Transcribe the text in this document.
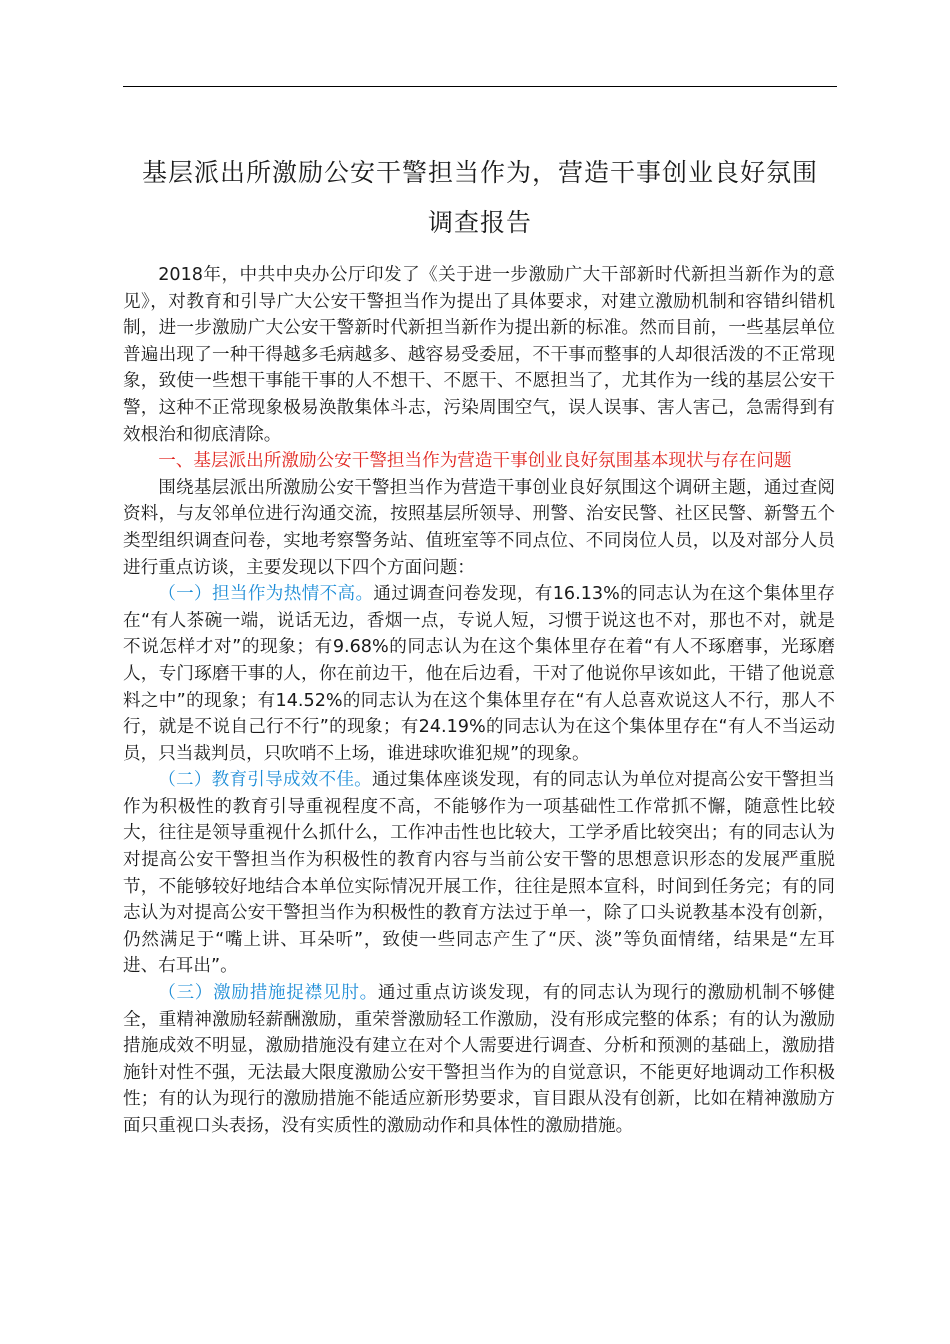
基层派出所激励公安干警担当作为，营造干事创业良好氛围
调查报告

2018年，中共中央办公厅印发了《关于进一步激励广大干部新时代新担当新作为的意见》，对教育和引导广大公安干警担当作为提出了具体要求，对建立激励机制和容错纠错机制，进一步激励广大公安干警新时代新担当新作为提出新的标准。然而目前，一些基层单位普遍出现了一种干得越多毛病越多、越容易受委屈，不干事而整事的人却很活泼的不正常现象，致使一些想干事能干事的人不想干、不愿干、不愿担当了，尤其作为一线的基层公安干警，这种不正常现象极易涣散集体斗志，污染周围空气，误人误事、害人害己，急需得到有效根治和彻底清除。

一、基层派出所激励公安干警担当作为营造干事创业良好氛围基本现状与存在问题

围绕基层派出所激励公安干警担当作为营造干事创业良好氛围这个调研主题，通过查阅资料，与友邻单位进行沟通交流，按照基层所领导、刑警、治安民警、社区民警、新警五个类型组织调查问卷，实地考察警务站、值班室等不同点位、不同岗位人员，以及对部分人员进行重点访谈，主要发现以下四个方面问题：

（一）担当作为热情不高。通过调查问卷发现，有16.13%的同志认为在这个集体里存在“有人茶碗一端，说话无边，香烟一点，专说人短，习惯于说这也不对，那也不对，就是不说怎样才对”的现象；有9.68%的同志认为在这个集体里存在着“有人不琢磨事，光琢磨人，专门琢磨干事的人，你在前边干，他在后边看，干对了他说你早该如此，干错了他说意料之中”的现象；有14.52%的同志认为在这个集体里存在“有人总喜欢说这人不行，那人不行，就是不说自己行不行”的现象；有24.19%的同志认为在这个集体里存在“有人不当运动员，只当裁判员，只吹哨不上场，谁进球吹谁犯规”的现象。

（二）教育引导成效不佳。通过集体座谈发现，有的同志认为单位对提高公安干警担当作为积极性的教育引导重视程度不高，不能够作为一项基础性工作常抓不懈，随意性比较大，往往是领导重视什么抓什么，工作冲击性也比较大，工学矛盾比较突出；有的同志认为对提高公安干警担当作为积极性的教育内容与当前公安干警的思想意识形态的发展严重脱节，不能够较好地结合本单位实际情况开展工作，往往是照本宣科，时间到任务完；有的同志认为对提高公安干警担当作为积极性的教育方法过于单一，除了口头说教基本没有创新，仍然满足于“嘴上讲、耳朵听”，致使一些同志产生了“厌、淡”等负面情绪，结果是“左耳进、右耳出”。

（三）激励措施捉襟见肘。通过重点访谈发现，有的同志认为现行的激励机制不够健全，重精神激励轻薪酬激励，重荣誉激励轻工作激励，没有形成完整的体系；有的认为激励措施成效不明显，激励措施没有建立在对个人需要进行调查、分析和预测的基础上，激励措施针对性不强，无法最大限度激励公安干警担当作为的自觉意识，不能更好地调动工作积极性；有的认为现行的激励措施不能适应新形势要求，盲目跟从没有创新，比如在精神激励方面只重视口头表扬，没有实质性的激励动作和具体性的激励措施。
